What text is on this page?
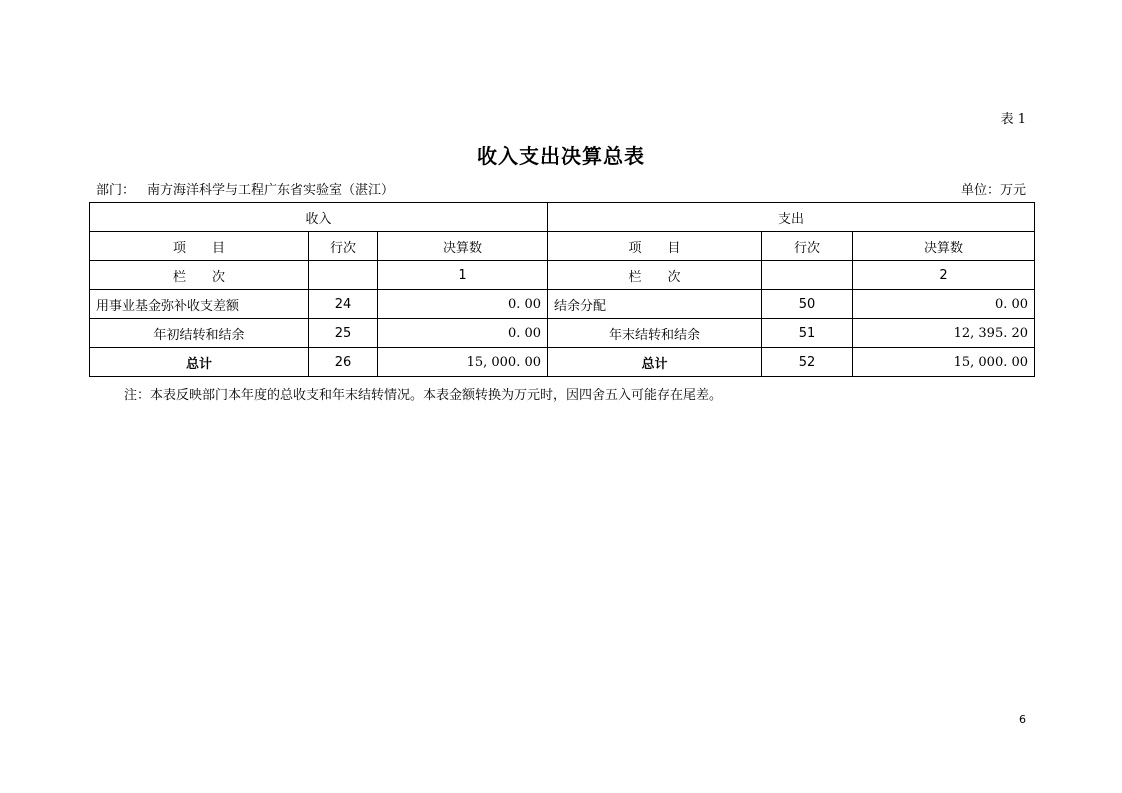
表 1
收入支出决算总表
部门： 南方海洋科学与工程广东省实验室（湛江）	单位：万元
收入			支出		
项　　目	行次	决算数	项　　目	行次	决算数
栏　　次		1	栏　　次		2
用事业基金弥补收支差额	24	0. 00	结余分配	50	0. 00
年初结转和结余	25	0. 00	年末结转和结余	51	12, 395. 20
总计	26	15, 000. 00	总计	52	15, 000. 00
注：本表反映部门本年度的总收支和年末结转情况。本表金额转换为万元时，因四舍五入可能存在尾差。
6
